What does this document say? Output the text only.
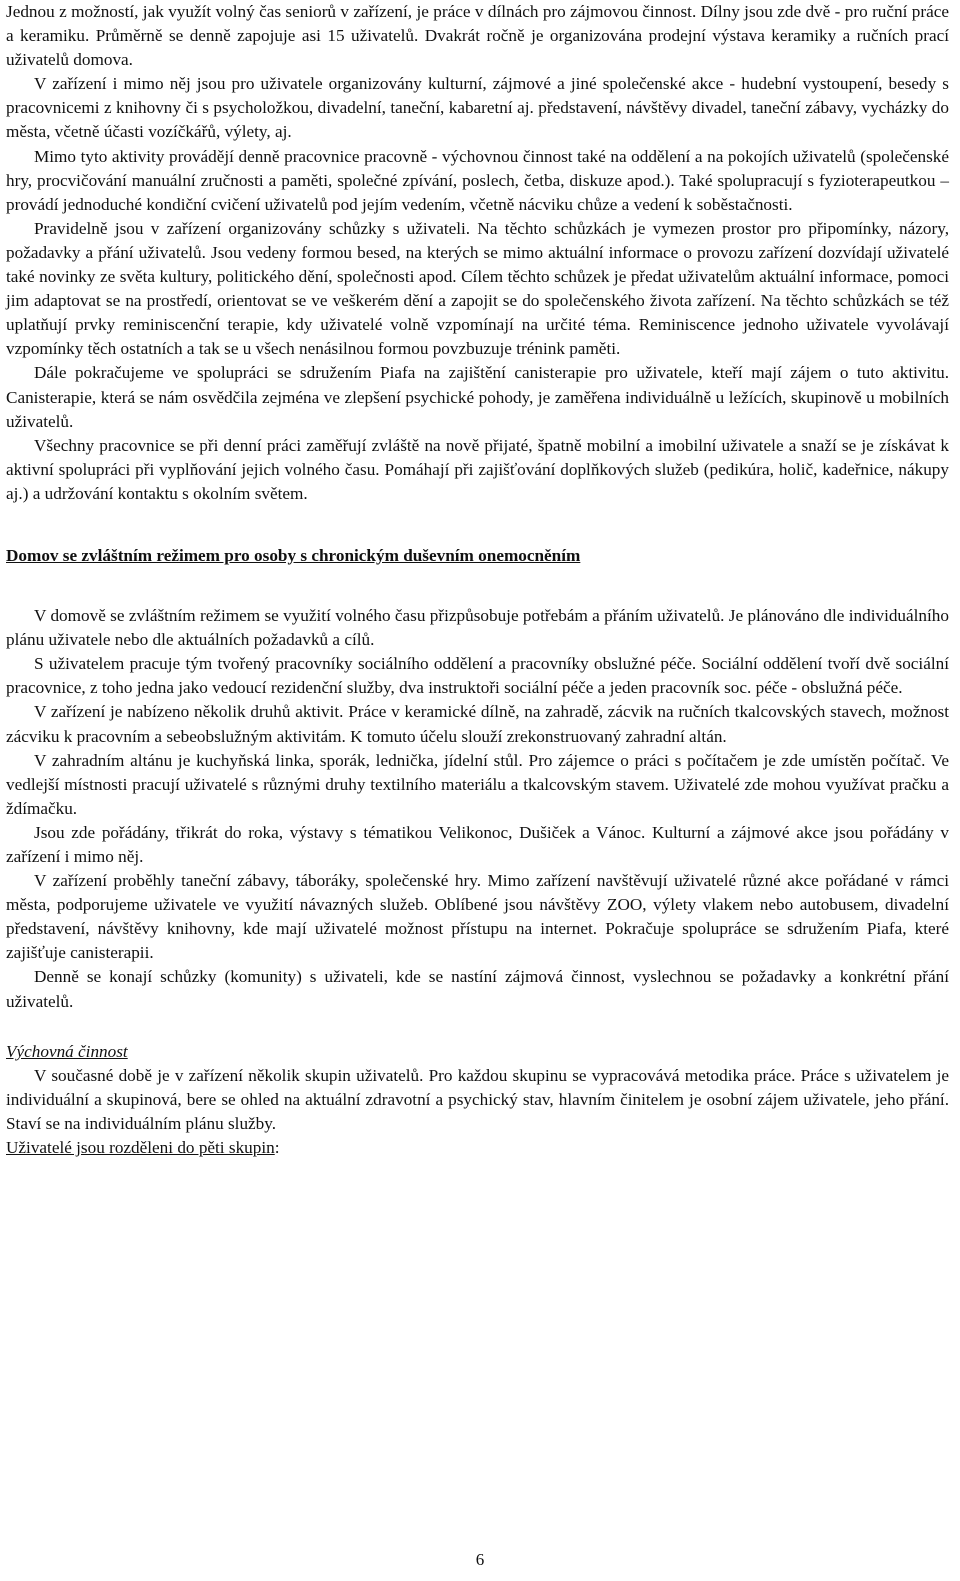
Jednou z možností, jak využít volný čas seniorů v zařízení, je práce v dílnách pro zájmovou činnost. Dílny jsou zde dvě - pro ruční práce a keramiku. Průměrně se denně zapojuje asi 15 uživatelů. Dvakrát ročně je organizována prodejní výstava keramiky a ručních prací uživatelů domova.

V zařízení i mimo něj jsou pro uživatele organizovány kulturní, zájmové a jiné společenské akce - hudební vystoupení, besedy s pracovnicemi z knihovny či s psycholožkou, divadelní, taneční, kabaretní aj. představení, návštěvy divadel, taneční zábavy, vycházky do města, včetně účasti vozíčkářů, výlety, aj.

Mimo tyto aktivity provádějí denně pracovnice pracovně - výchovnou činnost také na oddělení a na pokojích uživatelů (společenské hry, procvičování manuální zručnosti a paměti, společné zpívání, poslech, četba, diskuze apod.). Také spolupracují s fyzioterapeutkou – provádí jednoduché kondiční cvičení uživatelů pod jejím vedením, včetně nácviku chůze a vedení k soběstačnosti.

Pravidelně jsou v zařízení organizovány schůzky s uživateli. Na těchto schůzkách je vymezen prostor pro připomínky, názory, požadavky a přání uživatelů. Jsou vedeny formou besed, na kterých se mimo aktuální informace o provozu zařízení dozvídají uživatelé také novinky ze světa kultury, politického dění, společnosti apod. Cílem těchto schůzek je předat uživatelům aktuální informace, pomoci jim adaptovat se na prostředí, orientovat se ve veškerém dění a zapojit se do společenského života zařízení. Na těchto schůzkách se též uplatňují prvky reminiscenční terapie, kdy uživatelé volně vzpomínají na určité téma. Reminiscence jednoho uživatele vyvolávají vzpomínky těch ostatních a tak se u všech nenásilnou formou povzbuzuje trénink paměti.

Dále pokračujeme ve spolupráci se sdružením Piafa na zajištění canisterapie pro uživatele, kteří mají zájem o tuto aktivitu. Canisterapie, která se nám osvědčila zejména ve zlepšení psychické pohody, je zaměřena individuálně u ležících, skupinově u mobilních uživatelů.

Všechny pracovnice se při denní práci zaměřují zvláště na nově přijaté, špatně mobilní a imobilní uživatele a snaží se je získávat k aktivní spolupráci při vyplňování jejich volného času. Pomáhají při zajišťování doplňkových služeb (pedikúra, holič, kadeřnice, nákupy aj.) a udržování kontaktu s okolním světem.

Domov se zvláštním režimem pro osoby s chronickým duševním onemocněním

V domově se zvláštním režimem se využití volného času přizpůsobuje potřebám a přáním uživatelů. Je plánováno dle individuálního plánu uživatele nebo dle aktuálních požadavků a cílů.

S uživatelem pracuje tým tvořený pracovníky sociálního oddělení a pracovníky obslužné péče. Sociální oddělení tvoří dvě sociální pracovnice, z toho jedna jako vedoucí rezidenční služby, dva instruktoři sociální péče a jeden pracovník soc. péče - obslužná péče.

V zařízení je nabízeno několik druhů aktivit. Práce v keramické dílně, na zahradě, zácvik na ručních tkalcovských stavech, možnost zácviku k pracovním a sebeobslužným aktivitám. K tomuto účelu slouží zrekonstruovaný zahradní altán.

V zahradním altánu je kuchyňská linka, sporák, lednička, jídelní stůl. Pro zájemce o práci s počítačem je zde umístěn počítač. Ve vedlejší místnosti pracují uživatelé s různými druhy textilního materiálu a tkalcovským stavem. Uživatelé zde mohou využívat pračku a ždímačku.

Jsou zde pořádány, třikrát do roka, výstavy s tématikou Velikonoc, Dušiček a Vánoc. Kulturní a zájmové akce jsou pořádány v zařízení i mimo něj.

V zařízení proběhly taneční zábavy, táboráky, společenské hry. Mimo zařízení navštěvují uživatelé různé akce pořádané v rámci města, podporujeme uživatele ve využití návazných služeb. Oblíbené jsou návštěvy ZOO, výlety vlakem nebo autobusem, divadelní představení, návštěvy knihovny, kde mají uživatelé možnost přístupu na internet. Pokračuje spolupráce se sdružením Piafa, které zajišťuje canisterapii.

Denně se konají schůzky (komunity) s uživateli, kde se nastíní zájmová činnost, vyslechnou se požadavky a konkrétní přání uživatelů.

Výchovná činnost

V současné době je v zařízení několik skupin uživatelů. Pro každou skupinu se vypracovává metodika práce. Práce s uživatelem je individuální a skupinová, bere se ohled na aktuální zdravotní a psychický stav, hlavním činitelem je osobní zájem uživatele, jeho přání. Staví se na individuálním plánu služby.

Uživatelé jsou rozděleni do pěti skupin:

6
